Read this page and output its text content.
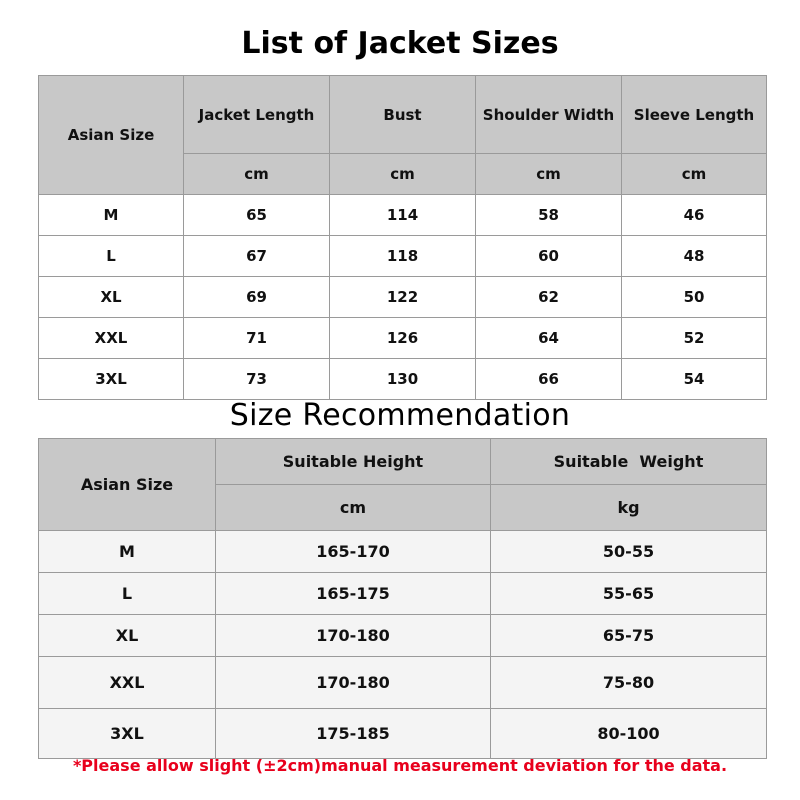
List of Jacket Sizes
Asian Size	Jacket Length	Bust	Shoulder Width	Sleeve Length
	cm	cm	cm	cm
M	65	114	58	46
L	67	118	60	48
XL	69	122	62	50
XXL	71	126	64	52
3XL	73	130	66	54
Size Recommendation
Asian Size	Suitable Height	Suitable  Weight
	cm	kg
M	165-170	50-55
L	165-175	55-65
XL	170-180	65-75
XXL	170-180	75-80
3XL	175-185	80-100
*Please allow slight (±2cm)manual measurement deviation for the data.
